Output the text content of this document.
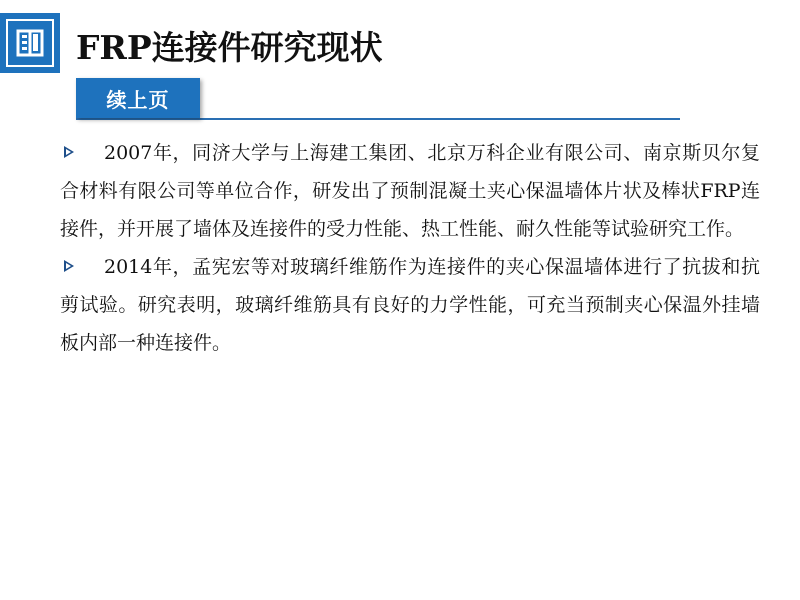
FRP连接件研究现状
续上页
2007年，同济大学与上海建工集团、北京万科企业有限公司、南京斯贝尔复合材料有限公司等单位合作，研发出了预制混凝土夹心保温墙体片状及棒状FRP连接件，并开展了墙体及连接件的受力性能、热工性能、耐久性能等试验研究工作。
2014年，孟宪宏等对玻璃纤维筋作为连接件的夹心保温墙体进行了抗拔和抗剪试验。研究表明，玻璃纤维筋具有良好的力学性能，可充当预制夹心保温外挂墙板内部一种连接件。
